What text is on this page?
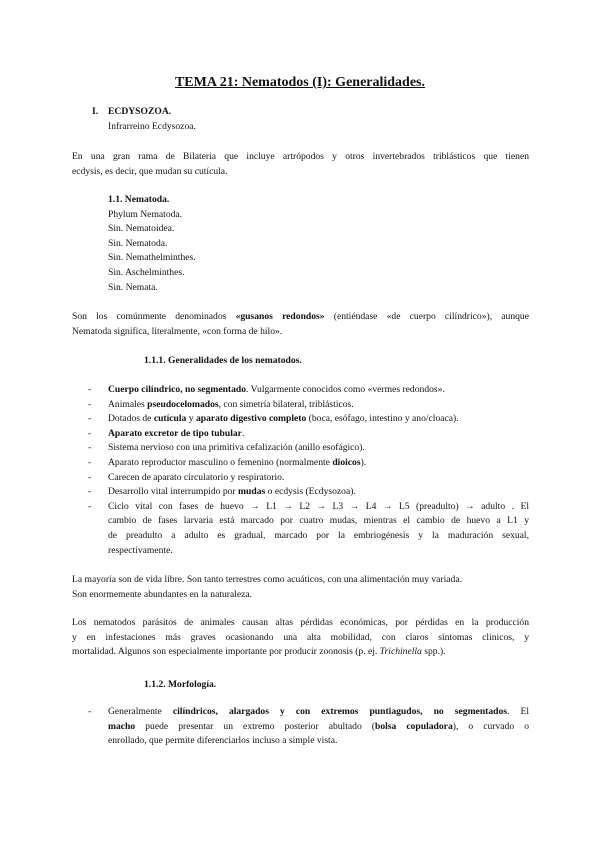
TEMA 21: Nematodos (I): Generalidades.
I. ECDYSOZOA.
Infrarreino Ecdysozoa.
En una gran rama de Bilateria que incluye artrópodos y otros invertebrados triblásticos que tienen
ecdysis, es decir, que mudan su cutícula.
1.1. Nematoda.
Phylum Nematoda.
Sin. Nematoidea.
Sin. Nematoda.
Sin. Nemathelminthes.
Sin. Aschelminthes.
Sin. Nemata.
Son los comúnmente denominados «gusanos redondos» (entiéndase «de cuerpo cilíndrico»), aunque
Nematoda significa, literalmente, «con forma de hilo».
1.1.1. Generalidades de los nematodos.
- Cuerpo cilíndrico, no segmentado. Vulgarmente conocidos como «vermes redondos».
- Animales pseudocelomados, con simetría bilateral, triblásticos.
- Dotados de cutícula y aparato digestivo completo (boca, esófago, intestino y ano/cloaca).
- Aparato excretor de tipo tubular.
- Sistema nervioso con una primitiva cefalización (anillo esofágico).
- Aparato reproductor masculino o femenino (normalmente dioicos).
- Carecen de aparato circulatorio y respiratorio.
- Desarrollo vital interrumpido por mudas o ecdysis (Ecdysozoa).
- Ciclo vital con fases de huevo → L1 → L2 → L3 → L4 → L5 (preadulto) → adulto . El
cambio de fases larvaria está marcado por cuatro mudas, mientras el cambio de huevo a L1 y
de preadulto a adulto es gradual, marcado por la embriogénesis y la maduración sexual,
respectivamente.
La mayoría son de vida libre. Son tanto terrestres como acuáticos, con una alimentación muy variada.
Son enormemente abundantes en la naturaleza.
Los nematodos parásitos de animales causan altas pérdidas económicas, por pérdidas en la producción
y en infestaciones más graves ocasionando una alta mobilidad, con claros síntomas clínicos, y
mortalidad. Algunos son especialmente importante por producir zoonosis (p. ej. Trichinella spp.).
1.1.2. Morfología.
- Generalmente cilíndricos, alargados y con extremos puntiagudos, no segmentados. El
macho puede presentar un extremo posterior abultado (bolsa copuladora), o curvado o
enrollado, que permite diferenciarlos incluso a simple vista.
